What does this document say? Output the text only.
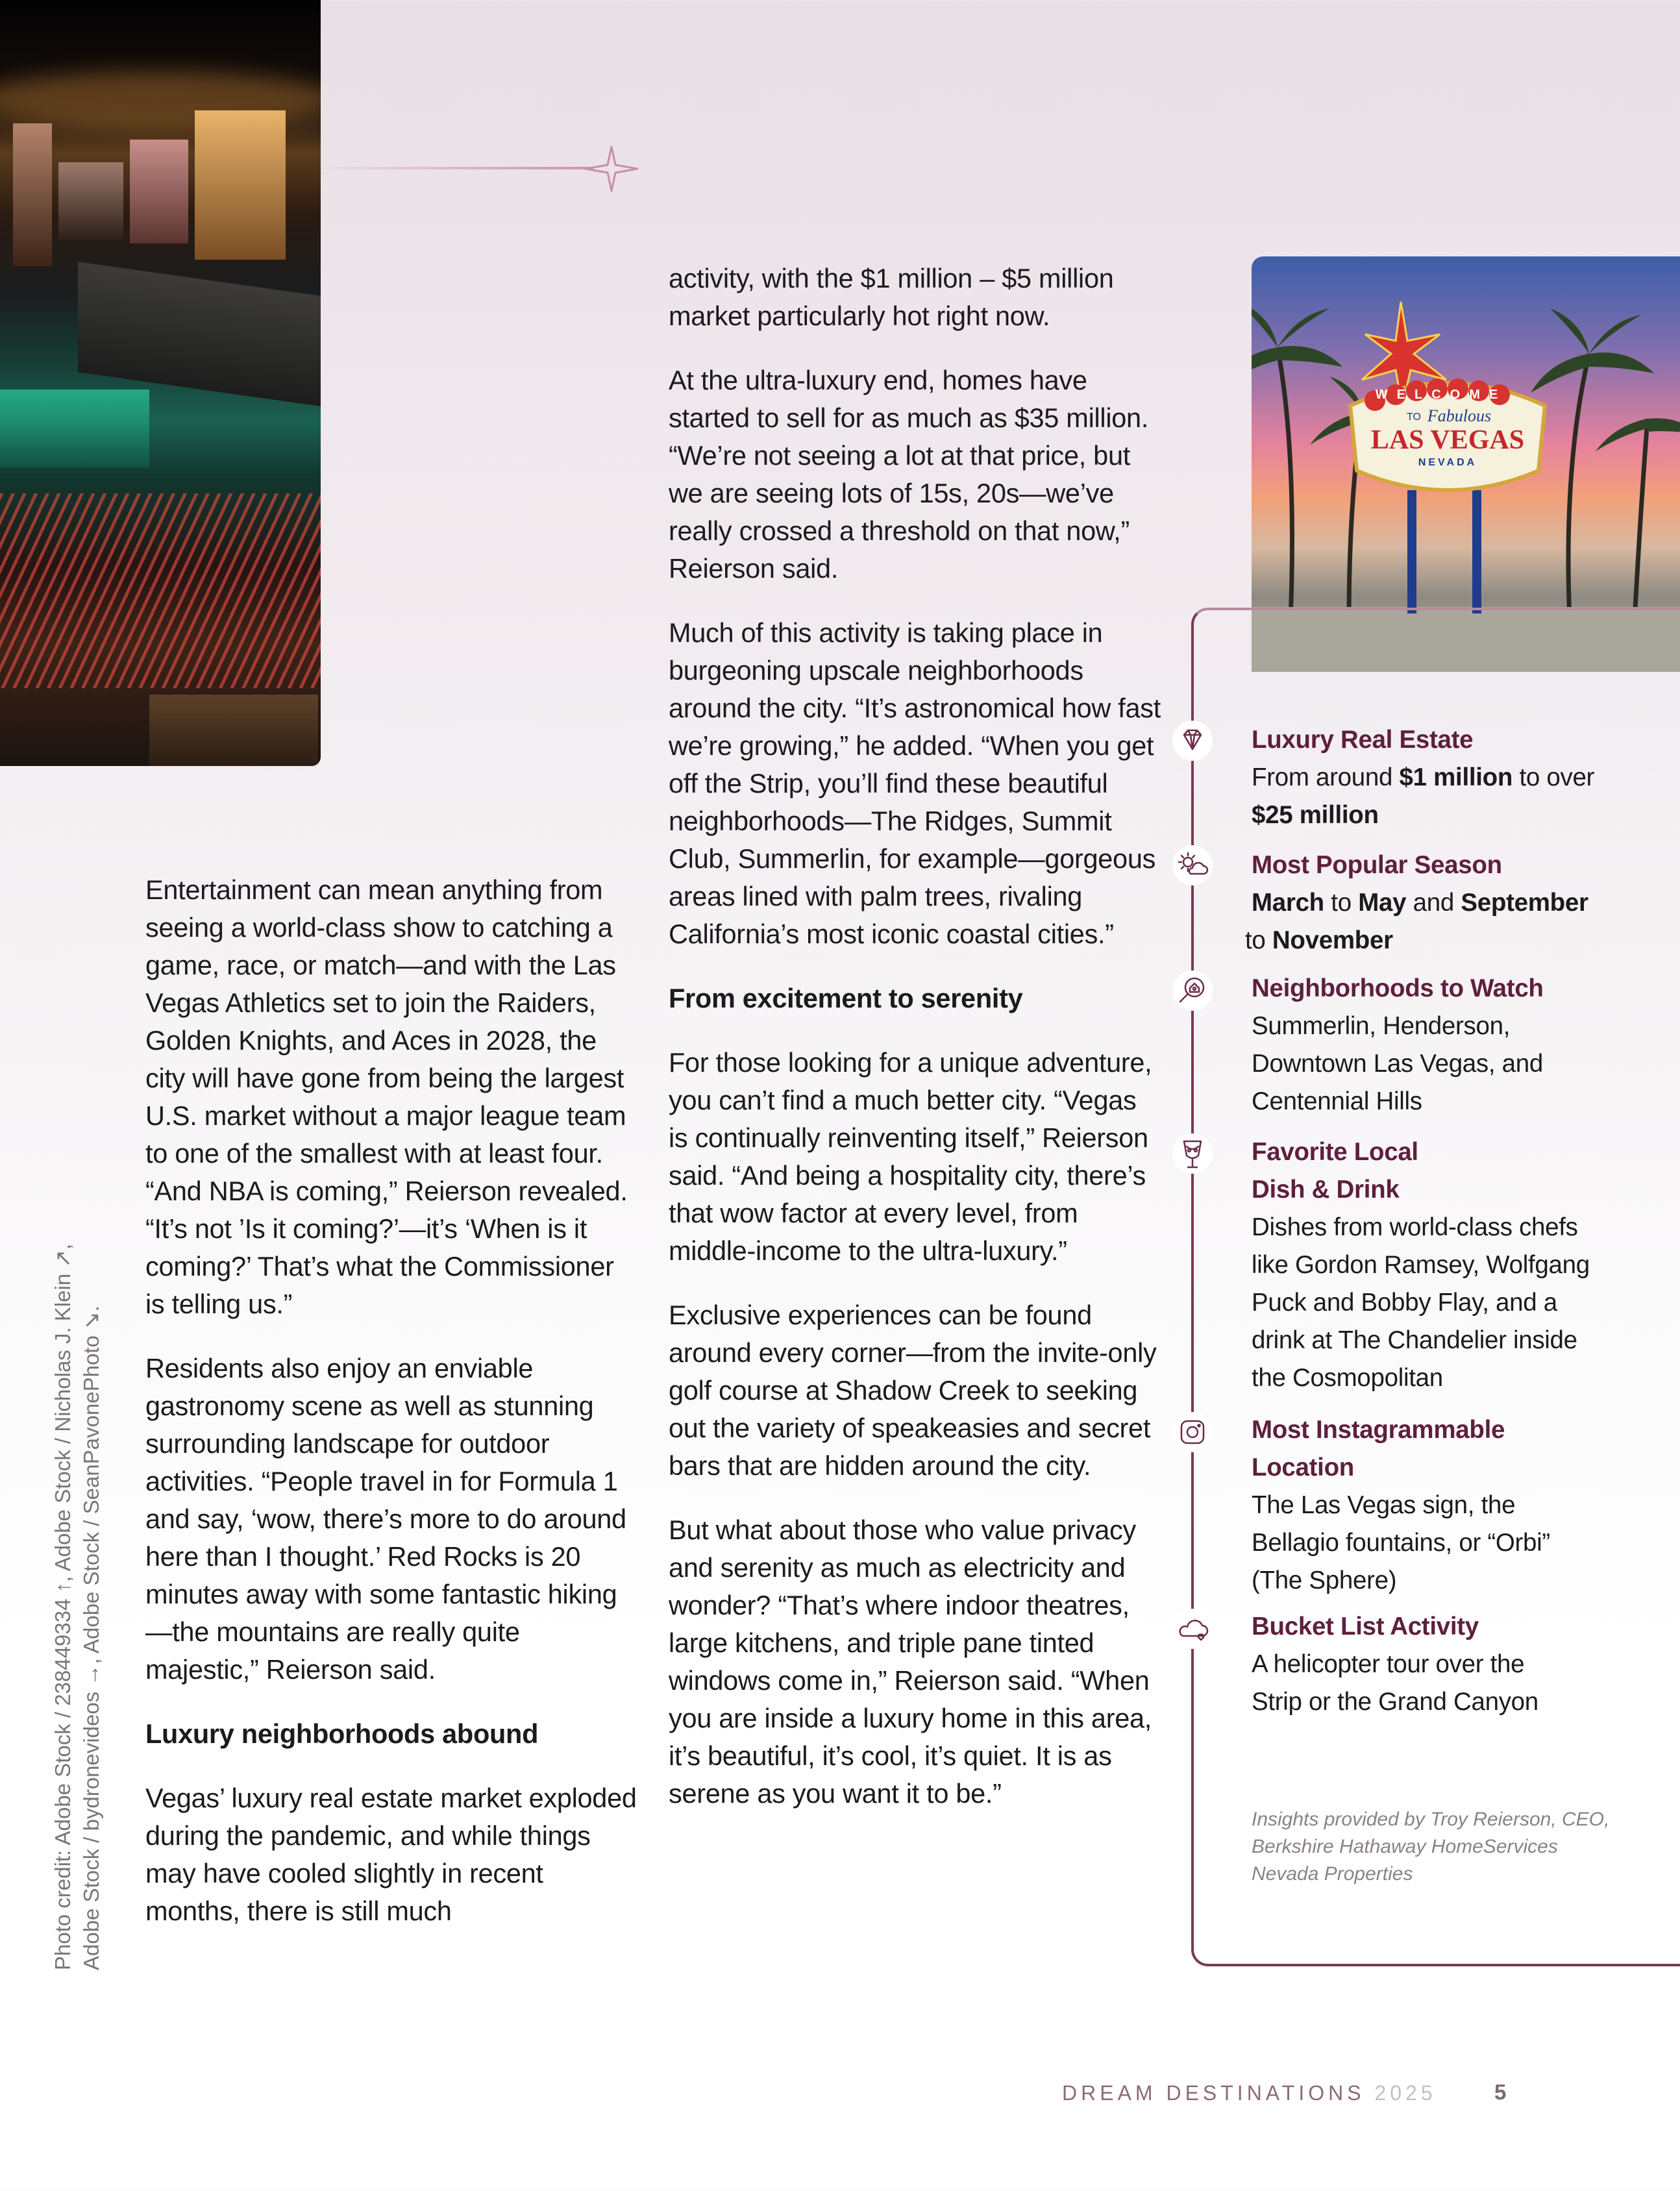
Entertainment can mean anything from seeing a world-class show to catching a game, race, or match—and with the Las Vegas Athletics set to join the Raiders, Golden Knights, and Aces in 2028, the city will have gone from being the largest U.S. market without a major league team to one of the smallest with at least four. “And NBA is coming,” Reierson revealed. “It’s not ’Is it coming?’—it’s ‘When is it coming?’ That’s what the Commissioner is telling us.”

Residents also enjoy an enviable gastronomy scene as well as stunning surrounding landscape for outdoor activities. “People travel in for Formula 1 and say, ‘wow, there’s more to do around here than I thought.’ Red Rocks is 20 minutes away with some fantastic hiking—the mountains are really quite majestic,” Reierson said.

Luxury neighborhoods abound

Vegas’ luxury real estate market exploded during the pandemic, and while things may have cooled slightly in recent months, there is still much

activity, with the $1 million – $5 million market particularly hot right now.

At the ultra-luxury end, homes have started to sell for as much as $35 million. “We’re not seeing a lot at that price, but we are seeing lots of 15s, 20s—we’ve really crossed a threshold on that now,” Reierson said.

Much of this activity is taking place in burgeoning upscale neighborhoods around the city. “It’s astronomical how fast we’re growing,” he added. “When you get off the Strip, you’ll find these beautiful neighborhoods—The Ridges, Summit Club, Summerlin, for example—gorgeous areas lined with palm trees, rivaling California’s most iconic coastal cities.”

From excitement to serenity

For those looking for a unique adventure, you can’t find a much better city. “Vegas is continually reinventing itself,” Reierson said. “And being a hospitality city, there’s that wow factor at every level, from middle-income to the ultra-luxury.”

Exclusive experiences can be found around every corner—from the invite-only golf course at Shadow Creek to seeking out the variety of speakeasies and secret bars that are hidden around the city.

But what about those who value privacy and serenity as much as electricity and wonder? “That’s where indoor theatres, large kitchens, and triple pane tinted windows come in,” Reierson said. “When you are inside a luxury home in this area, it’s beautiful, it’s cool, it’s quiet. It is as serene as you want it to be.”

Photo credit: Adobe Stock / 238449334 ↑, Adobe Stock / Nicholas J. Klein ↗, Adobe Stock / bydronevideos →, Adobe Stock / SeanPavonePhoto ↘.
WELCOME
TO Fabulous
LAS VEGAS
NEVADA
Luxury Real Estate
From around $1 million to over
$25 million
Most Popular Season
March to May and September
to November
Neighborhoods to Watch
Summerlin, Henderson, Downtown Las Vegas, and Centennial Hills
Favorite Local
Dish & Drink
Dishes from world-class chefs like Gordon Ramsey, Wolfgang Puck and Bobby Flay, and a drink at The Chandelier inside the Cosmopolitan
Most Instagrammable
Location
The Las Vegas sign, the Bellagio fountains, or “Orbi” (The Sphere)
Bucket List Activity
A helicopter tour over the Strip or the Grand Canyon
Insights provided by Troy Reierson, CEO, Berkshire Hathaway HomeServices Nevada Properties
DREAM DESTINATIONS 2025	5
